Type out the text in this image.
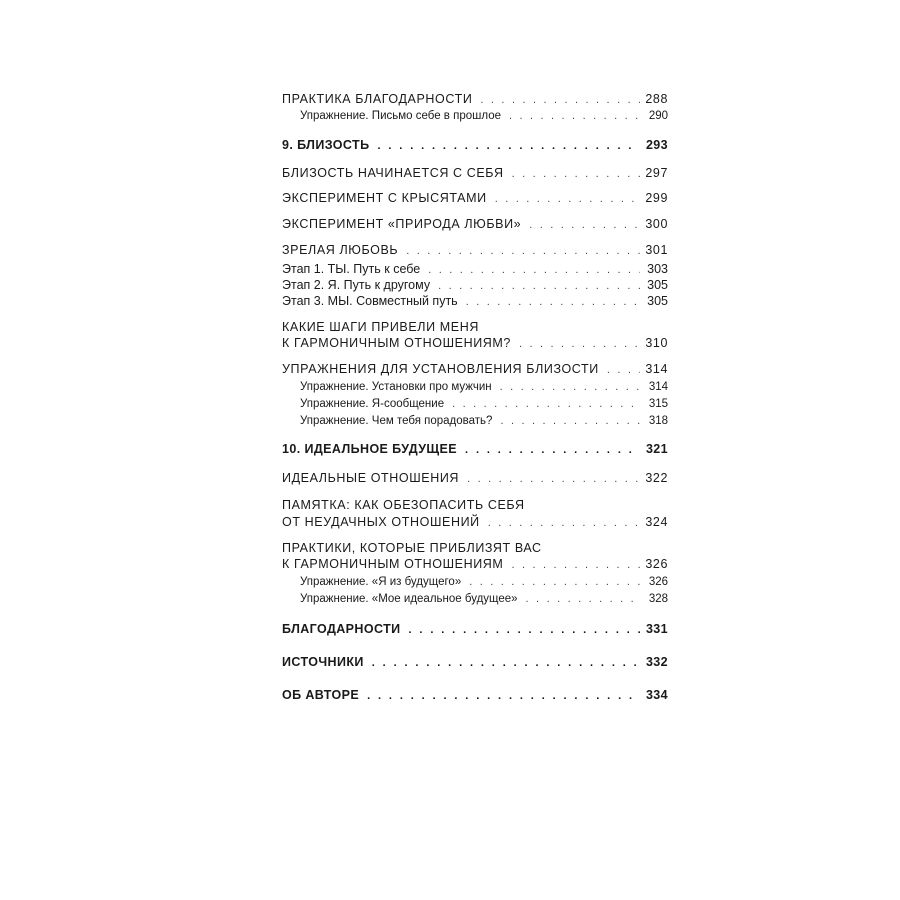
ПРАКТИКА БЛАГОДАРНОСТИ . . .	288
Упражнение. Письмо себе в прошлое . . .	290
9. БЛИЗОСТЬ . . .	293
БЛИЗОСТЬ НАЧИНАЕТСЯ С СЕБЯ . . .	297
ЭКСПЕРИМЕНТ С КРЫСЯТАМИ . . .	299
ЭКСПЕРИМЕНТ «ПРИРОДА ЛЮБВИ» . . .	300
ЗРЕЛАЯ ЛЮБОВЬ . . .	301
Этап 1. ТЫ. Путь к себе . . .	303
Этап 2. Я. Путь к другому . . .	305
Этап 3. МЫ. Совместный путь . . .	305
КАКИЕ ШАГИ ПРИВЕЛИ МЕНЯ
К ГАРМОНИЧНЫМ ОТНОШЕНИЯМ? . . .	310
УПРАЖНЕНИЯ ДЛЯ УСТАНОВЛЕНИЯ БЛИЗОСТИ . . .	314
Упражнение. Установки про мужчин . . .	314
Упражнение. Я-сообщение . . .	315
Упражнение. Чем тебя порадовать? . . .	318
10. ИДЕАЛЬНОЕ БУДУЩЕЕ . . .	321
ИДЕАЛЬНЫЕ ОТНОШЕНИЯ . . .	322
ПАМЯТКА: КАК ОБЕЗОПАСИТЬ СЕБЯ
ОТ НЕУДАЧНЫХ ОТНОШЕНИЙ . . .	324
ПРАКТИКИ, КОТОРЫЕ ПРИБЛИЗЯТ ВАС
К ГАРМОНИЧНЫМ ОТНОШЕНИЯМ . . .	326
Упражнение. «Я из будущего» . . .	326
Упражнение. «Мое идеальное будущее» . . .	328
БЛАГОДАРНОСТИ . . .	331
ИСТОЧНИКИ . . .	332
ОБ АВТОРЕ . . .	334
